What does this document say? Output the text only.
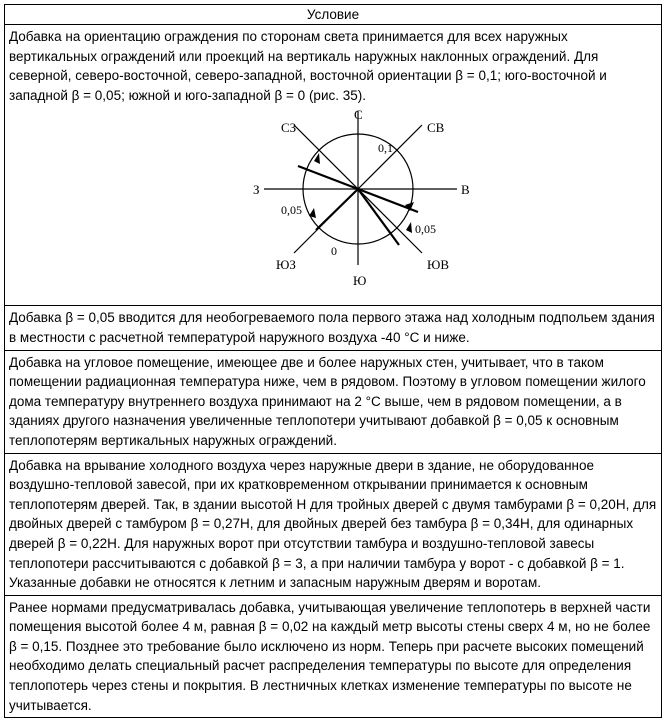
Условие

Добавка на ориентацию ограждения по сторонам света принимается для всех наружных вертикальных ограждений или проекций на вертикаль наружных наклонных ограждений. Для северной, северо-восточной, северо-западной, восточной ориентации β = 0,1; юго-восточной и западной β = 0,05; южной и юго-западной β = 0 (рис. 35).

С
СЗ	СВ
З	В
ЮЗ	ЮВ
Ю
0,1
0,05
0,05
0

Добавка β = 0,05 вводится для необогреваемого пола первого этажа над холодным подпольем здания в местности с расчетной температурой наружного воздуха -40 °С и ниже.

Добавка на угловое помещение, имеющее две и более наружных стен, учитывает, что в таком помещении радиационная температура ниже, чем в рядовом. Поэтому в угловом помещении жилого дома температуру внутреннего воздуха принимают на 2 °С выше, чем в рядовом помещении, а в зданиях другого назначения увеличенные теплопотери учитывают добавкой β = 0,05 к основным теплопотерям вертикальных наружных ограждений.

Добавка на врывание холодного воздуха через наружные двери в здание, не оборудованное воздушно-тепловой завесой, при их кратковременном открывании принимается к основным теплопотерям дверей. Так, в здании высотой Н для тройных дверей с двумя тамбурами β = 0,20Н, для двойных дверей с тамбуром β = 0,27Н, для двойных дверей без тамбура β = 0,34Н, для одинарных дверей β = 0,22Н. Для наружных ворот при отсутствии тамбура и воздушно-тепловой завесы теплопотери рассчитываются с добавкой β = 3, а при наличии тамбура у ворот - с добавкой β = 1. Указанные добавки не относятся к летним и запасным наружным дверям и воротам.

Ранее нормами предусматривалась добавка, учитывающая увеличение теплопотерь в верхней части помещения высотой более 4 м, равная β = 0,02 на каждый метр высоты стены сверх 4 м, но не более β = 0,15. Позднее это требование было исключено из норм. Теперь при расчете высоких помещений необходимо делать специальный расчет распределения температуры по высоте для определения теплопотерь через стены и покрытия. В лестничных клетках изменение температуры по высоте не учитывается.
